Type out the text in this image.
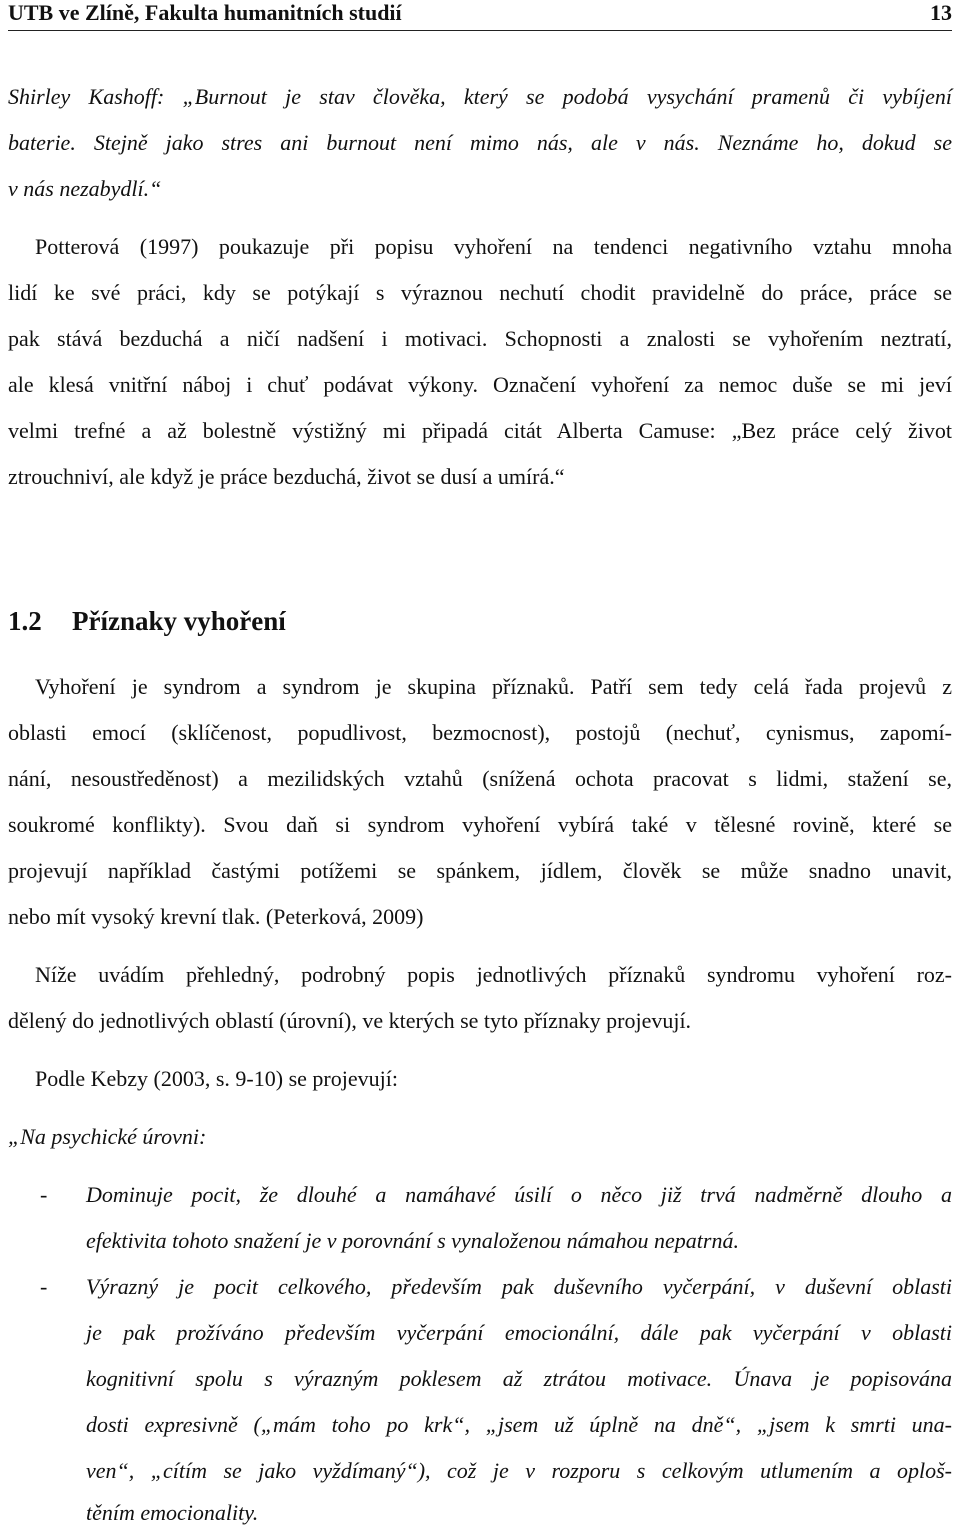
UTB ve Zlíně, Fakulta humanitních studií	13
Shirley Kashoff: „Burnout je stav člověka, který se podobá vysychání pramenů či vybíjení
baterie. Stejně jako stres ani burnout není mimo nás, ale v nás. Neznáme ho, dokud se
v nás nezabydlí.“
Potterová (1997) poukazuje při popisu vyhoření na tendenci negativního vztahu mnoha
lidí ke své práci, kdy se potýkají s výraznou nechutí chodit pravidelně do práce, práce se
pak stává bezduchá a ničí nadšení i motivaci. Schopnosti a znalosti se vyhořením neztratí,
ale klesá vnitřní náboj i chuť podávat výkony. Označení vyhoření za nemoc duše se mi jeví
velmi trefné a až bolestně výstižný mi připadá citát Alberta Camuse: „Bez práce celý život
ztrouchniví, ale když je práce bezduchá, život se dusí a umírá.“
1.2 Příznaky vyhoření
Vyhoření je syndrom a syndrom je skupina příznaků. Patří sem tedy celá řada projevů z
oblasti emocí (sklíčenost, popudlivost, bezmocnost), postojů (nechuť, cynismus, zapomí-
nání, nesoustředěnost) a mezilidských vztahů (snížená ochota pracovat s lidmi, stažení se,
soukromé konflikty). Svou daň si syndrom vyhoření vybírá také v tělesné rovině, které se
projevují například častými potížemi se spánkem, jídlem, člověk se může snadno unavit,
nebo mít vysoký krevní tlak. (Peterková, 2009)
Níže uvádím přehledný, podrobný popis jednotlivých příznaků syndromu vyhoření roz-
dělený do jednotlivých oblastí (úrovní), ve kterých se tyto příznaky projevují.
Podle Kebzy (2003, s. 9-10) se projevují:
„Na psychické úrovni:
- Dominuje pocit, že dlouhé a namáhavé úsilí o něco již trvá nadměrně dlouho a
efektivita tohoto snažení je v porovnání s vynaloženou námahou nepatrná.
- Výrazný je pocit celkového, především pak duševního vyčerpání, v duševní oblasti
je pak prožíváno především vyčerpání emocionální, dále pak vyčerpání v oblasti
kognitivní spolu s výrazným poklesem až ztrátou motivace. Únava je popisována
dosti expresivně („mám toho po krk“, „jsem už úplně na dně“, „jsem k smrti una-
ven“, „cítím se jako vyždímaný“), což je v rozporu s celkovým utlumením a oploš-
těním emocionality.
